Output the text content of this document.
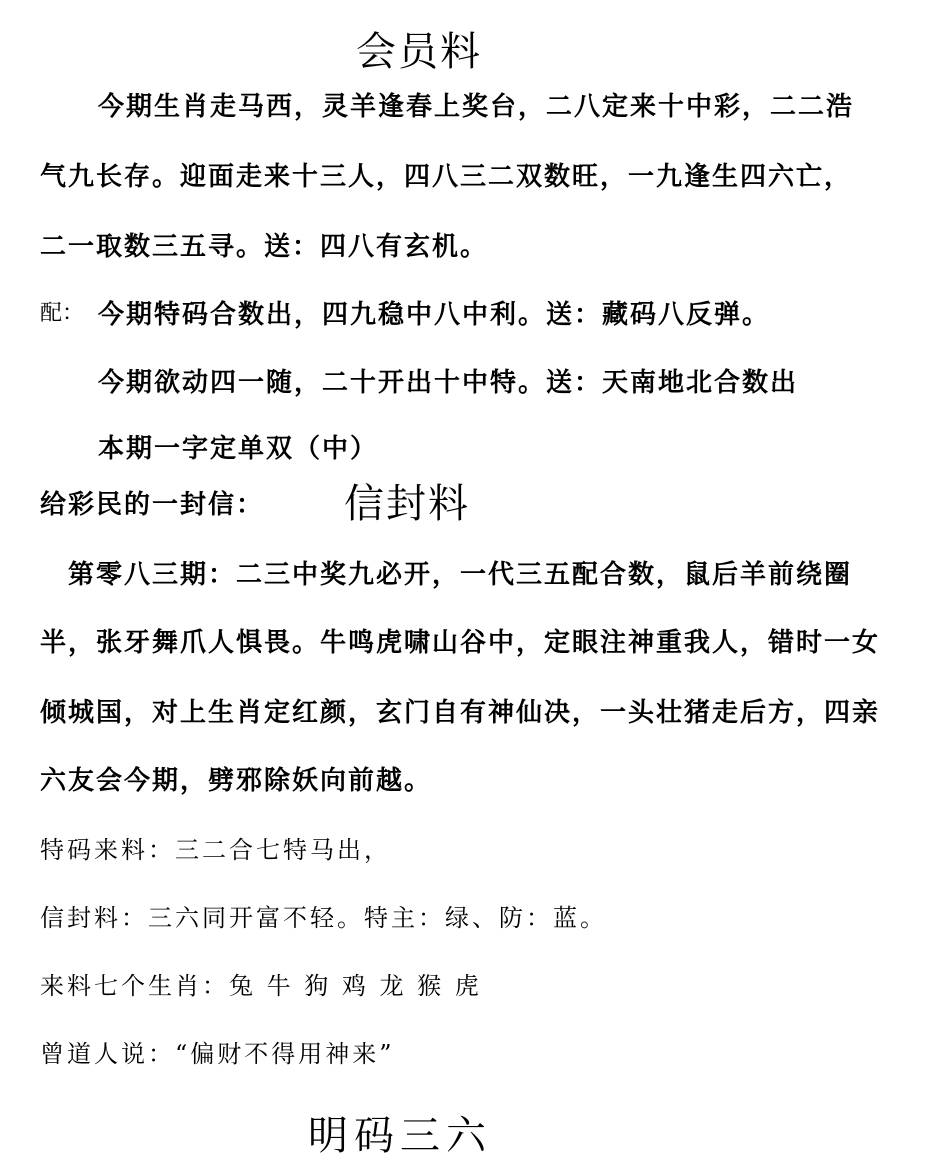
会员料
今期生肖走马西，灵羊逢春上奖台，二八定来十中彩，二二浩
气九长存。迎面走来十三人，四八三二双数旺，一九逢生四六亡，
二一取数三五寻。送：四八有玄机。
配： 今期特码合数出，四九稳中八中利。送：藏码八反弹。
今期欲动四一随，二十开出十中特。送：天南地北合数出
本期一字定单双（中）
给彩民的一封信： 信封料
第零八三期：二三中奖九必开，一代三五配合数，鼠后羊前绕圈
半，张牙舞爪人惧畏。牛鸣虎啸山谷中，定眼注神重我人，错时一女
倾城国，对上生肖定红颜，玄门自有神仙决，一头壮猪走后方，四亲
六友会今期，劈邪除妖向前越。
特码来料：三二合七特马出，
信封料：三六同开富不轻。特主：绿、防：蓝。
来料七个生肖：兔 牛 狗 鸡 龙 猴 虎
曾道人说：“偏财不得用神来”
明码三六
